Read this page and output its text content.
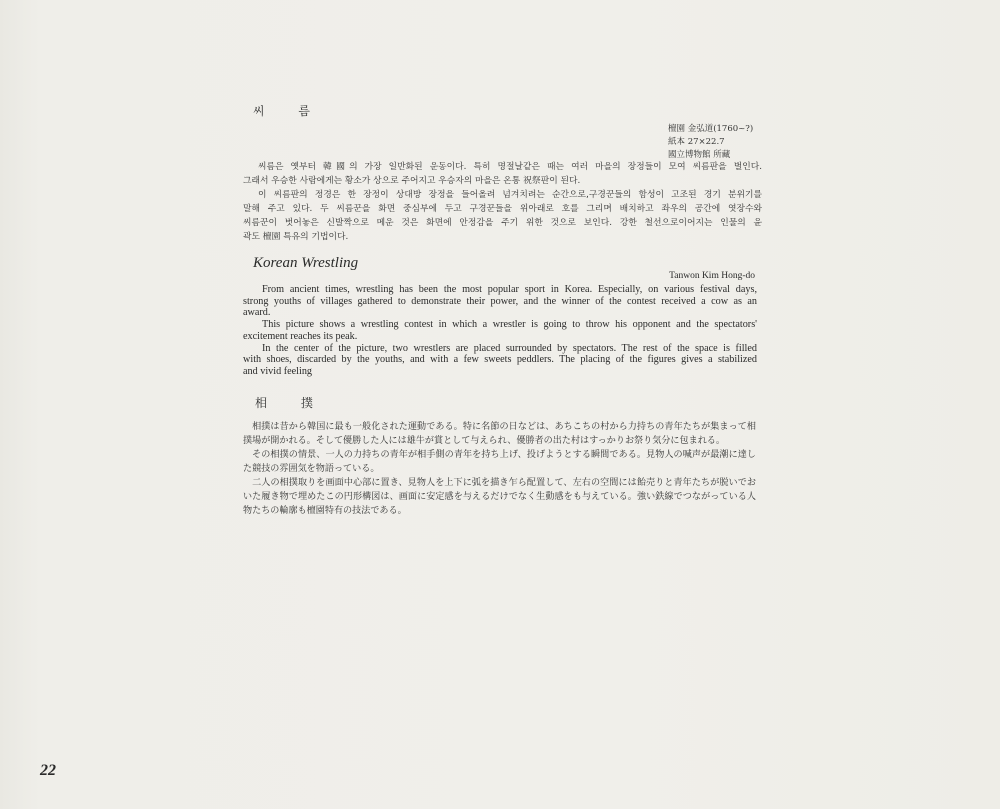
씨 름
檀園 金弘道(1760~?)
紙本 27×22.7
國立博物館 所藏
씨름은 옛부터 韓國의 가장 일반화된 운동이다. 특히 명절날같은 때는 여러 마을의 장정들이 모여 씨름판을 벌인다.
그래서 우승한 사람에게는 황소가 상으로 주어지고 우승자의 마을은 온통 祝祭판이 된다.
이 씨름판의 정경은 한 장정이 상대방 장정을 들어올려 넘겨치려는 순간으로,구경꾼들의 함성이 고조된 경기 분위기를
말해 주고 있다. 두 씨름꾼을 화면 중심부에 두고 구경꾼들을 위아래로 호를 그리며 배치하고 좌우의 공간에 엿장수와
씨름꾼이 벗어놓은 신발짝으로 메운 것은 화면에 안정감을 주기 위한 것으로 보인다. 강한 철선으로이어지는 인물의 윤
곽도 檀園 특유의 기법이다.
Korean Wrestling
Tanwon Kim Hong-do
From ancient times, wrestling has been the most popular sport in Korea. Especially, on various festival days,
strong youths of villages gathered to demonstrate their power, and the winner of the contest received a cow as an
award.
This picture shows a wrestling contest in which a wrestler is going to throw his opponent and the spectators'
excitement reaches its peak.
In the center of the picture, two wrestlers are placed surrounded by spectators. The rest of the space is filled
with shoes, discarded by the youths, and with a few sweets peddlers. The placing of the figures gives a stabilized
and vivid feeling
相 撲
相撲は昔から韓国に最も一般化された運動である。特に名節の日などは、あちこちの村から力持ちの青年たちが集まって相
撲場が開かれる。そして優勝した人には雄牛が賞として与えられ、優勝者の出た村はすっかりお祭り気分に包まれる。
その相撲の情景、一人の力持ちの青年が相手側の青年を持ち上げ、投げようとする瞬間である。見物人の喊声が最潮に達し
た競技の雰囲気を物語っている。
二人の相撲取りを画面中心部に置き、見物人を上下に弧を描き乍ら配置して、左右の空間には飴売りと青年たちが脱いでお
いた履き物で埋めたこの円形構図は、画面に安定感を与えるだけでなく生動感をも与えている。強い鉄線でつながっている人
物たちの輪廓も檀園特有の技法である。
22
